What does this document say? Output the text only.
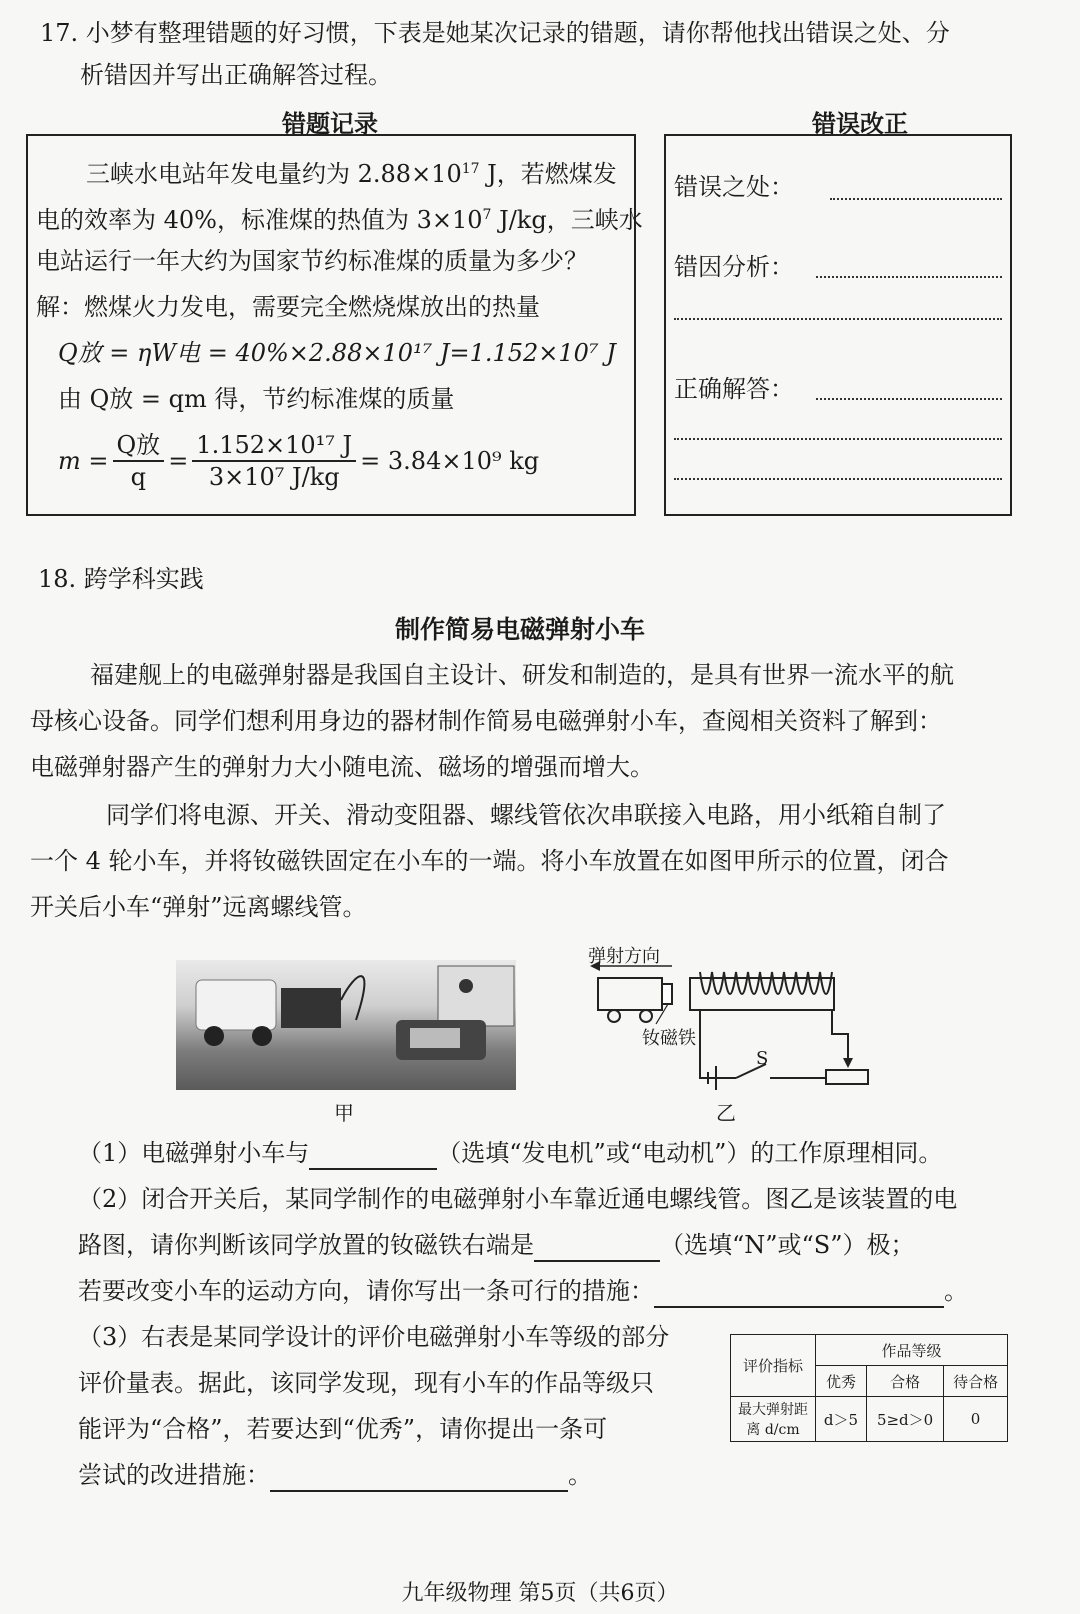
17. 小梦有整理错题的好习惯，下表是她某次记录的错题，请你帮他找出错误之处、分
析错因并写出正确解答过程。
错题记录	错误改正
三峡水电站年发电量约为 $2.88\times 10^{17}$ J，若燃煤发
电的效率为 40%，标准煤的热值为 $3\times 10^7$ J/kg，三峡水
电站运行一年大约为国家节约标准煤的质量为多少？
解：燃煤火力发电，需要完全燃烧煤放出的热量
Q放 = ηW电 = 40%×2.88×10¹⁷ J=1.152×10⁷ J
由 Q放 = qm 得，节约标准煤的质量
$m = \frac{\text{Q放}}{q} = \frac{\text{1.152×10¹⁷ J}}{\text{3×10⁷ J/kg}} = 3.84\times 10^9$ kg
错误之处：
错因分析：
正确解答：
18. 跨学科实践
制作简易电磁弹射小车
福建舰上的电磁弹射器是我国自主设计、研发和制造的，是具有世界一流水平的航
母核心设备。同学们想利用身边的器材制作简易电磁弹射小车，查阅相关资料了解到：
电磁弹射器产生的弹射力大小随电流、磁场的增强而增大。
同学们将电源、开关、滑动变阻器、螺线管依次串联接入电路，用小纸箱自制了
一个 4 轮小车，并将钕磁铁固定在小车的一端。将小车放置在如图甲所示的位置，闭合
开关后小车“弹射”远离螺线管。
甲
弹射方向
钕磁铁
S
乙
（1）电磁弹射小车与	（选填“发电机”或“电动机”）的工作原理相同。
（2）闭合开关后，某同学制作的电磁弹射小车靠近通电螺线管。图乙是该装置的电
路图，请你判断该同学放置的钕磁铁右端是	（选填“N”或“S”）极；
若要改变小车的运动方向，请你写出一条可行的措施：	。
（3）右表是某同学设计的评价电磁弹射小车等级的部分
评价量表。据此，该同学发现，现有小车的作品等级只
能评为“合格”，若要达到“优秀”，请你提出一条可
尝试的改进措施：	。
评价指标	作品等级		
	优秀	合格	待合格
最大弹射距离 d/cm	d＞5	5≥d＞0	0
九年级物理 第5页（共6页）
